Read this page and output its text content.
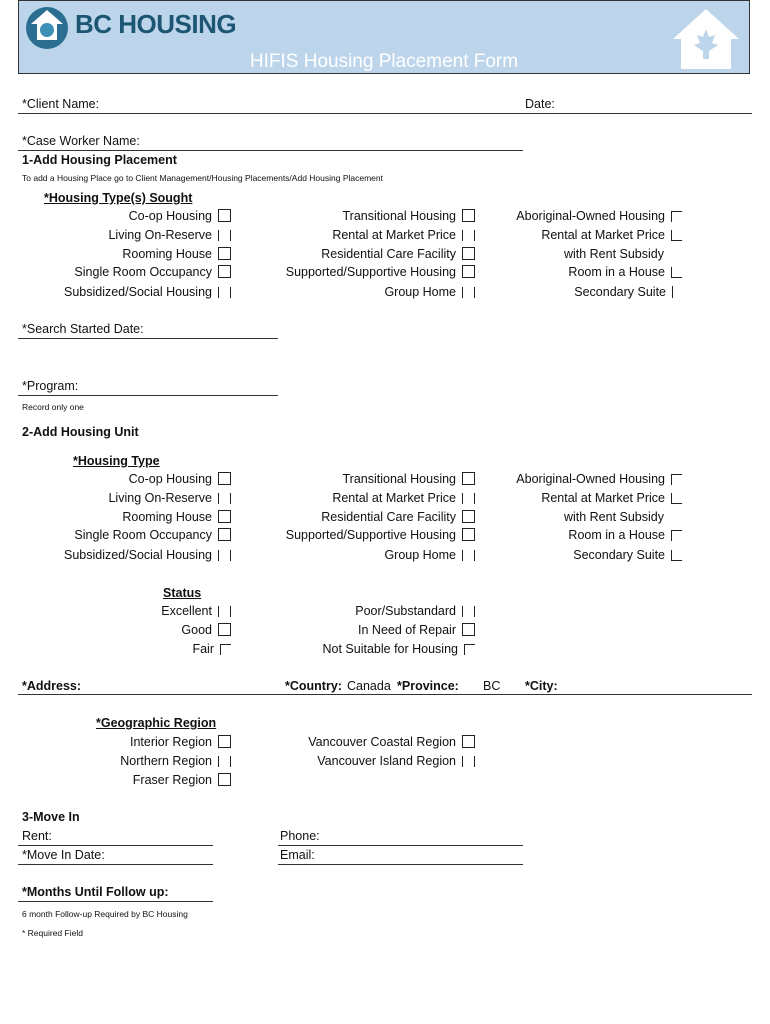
BC HOUSING
HIFIS Housing Placement Form
*Client Name:	Date:
*Case Worker Name:
1-Add Housing Placement
To add a Housing Place go to Client Management/Housing Placements/Add Housing Placement
*Housing Type(s) Sought
Co-op Housing
Living On-Reserve
Rooming House
Single Room Occupancy
Subsidized/Social Housing
Transitional Housing
Rental at Market Price
Residential Care Facility
Supported/Supportive Housing
Group Home
Aboriginal-Owned Housing
Rental at Market Price
with Rent Subsidy
Room in a House
Secondary Suite
*Search Started Date:
*Program:
Record only one
2-Add Housing Unit
*Housing Type
Co-op Housing
Living On-Reserve
Rooming House
Single Room Occupancy
Subsidized/Social Housing
Transitional Housing
Rental at Market Price
Residential Care Facility
Supported/Supportive Housing
Group Home
Aboriginal-Owned Housing
Rental at Market Price
with Rent Subsidy
Room in a House
Secondary Suite
Status
Excellent
Good
Fair
Poor/Substandard
In Need of Repair
Not Suitable for Housing
*Address:	*Country: Canada *Province: BC *City:
*Geographic Region
Interior Region
Northern Region
Fraser Region
Vancouver Coastal Region
Vancouver Island Region
3-Move In
Rent:	Phone:
*Move In Date:	Email:
*Months Until Follow up:
6 month Follow-up Required by BC Housing
* Required Field
